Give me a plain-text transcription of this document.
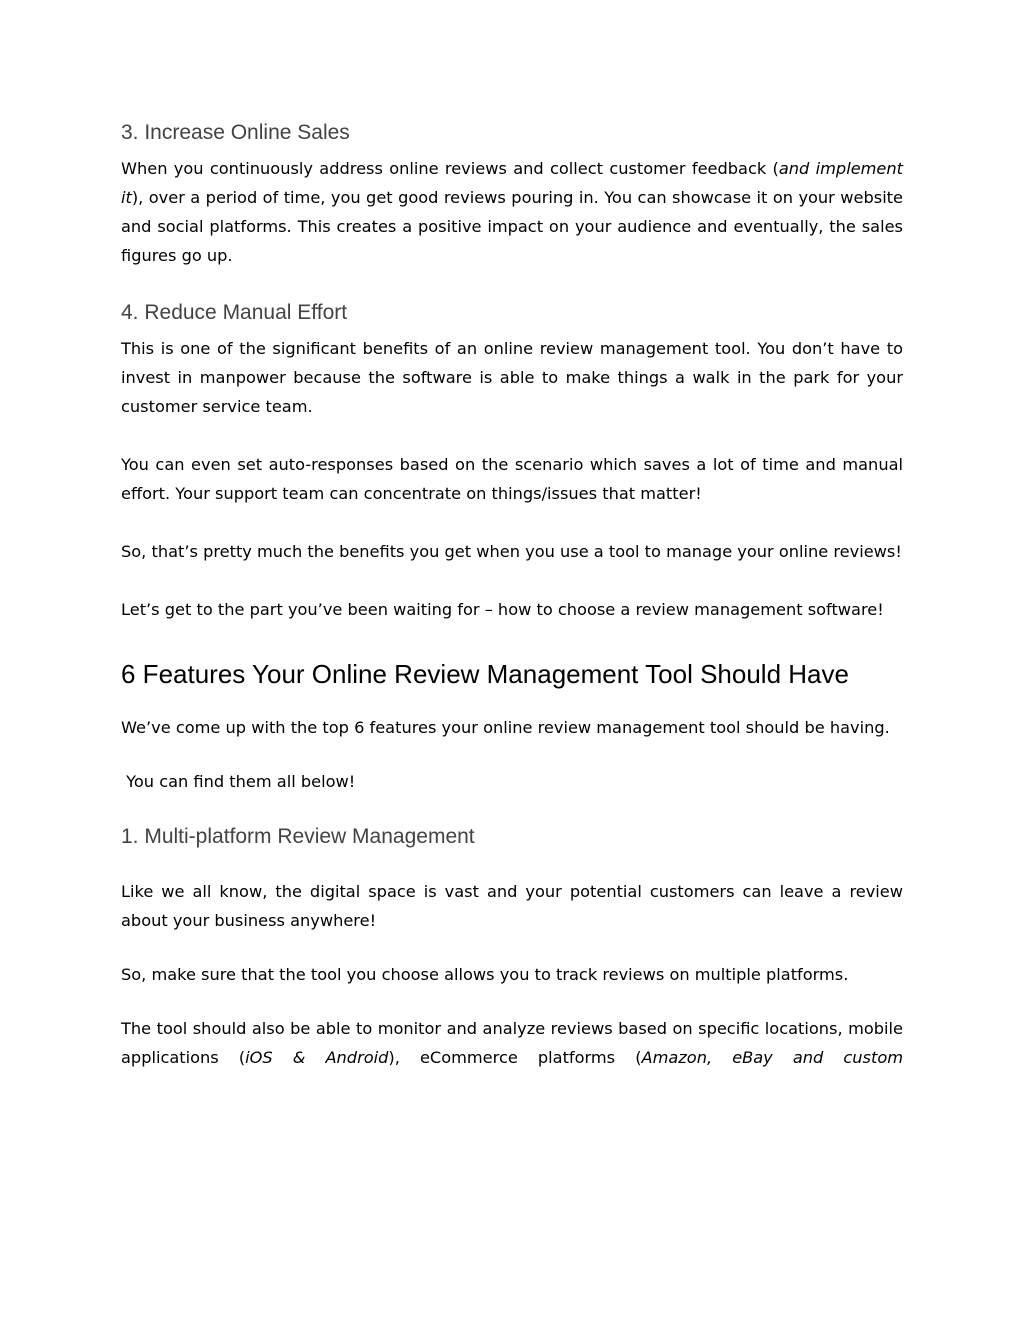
3. Increase Online Sales

When you continuously address online reviews and collect customer feedback (and implement it), over a period of time, you get good reviews pouring in. You can showcase it on your website and social platforms. This creates a positive impact on your audience and eventually, the sales figures go up.

4. Reduce Manual Effort

This is one of the significant benefits of an online review management tool. You don’t have to invest in manpower because the software is able to make things a walk in the park for your customer service team.

You can even set auto-responses based on the scenario which saves a lot of time and manual effort. Your support team can concentrate on things/issues that matter!

So, that’s pretty much the benefits you get when you use a tool to manage your online reviews!

Let’s get to the part you’ve been waiting for – how to choose a review management software!

6 Features Your Online Review Management Tool Should Have

We’ve come up with the top 6 features your online review management tool should be having.

You can find them all below!

1. Multi-platform Review Management

Like we all know, the digital space is vast and your potential customers can leave a review about your business anywhere!

So, make sure that the tool you choose allows you to track reviews on multiple platforms.

The tool should also be able to monitor and analyze reviews based on specific locations, mobile applications (iOS & Android), eCommerce platforms (Amazon, eBay and custom
